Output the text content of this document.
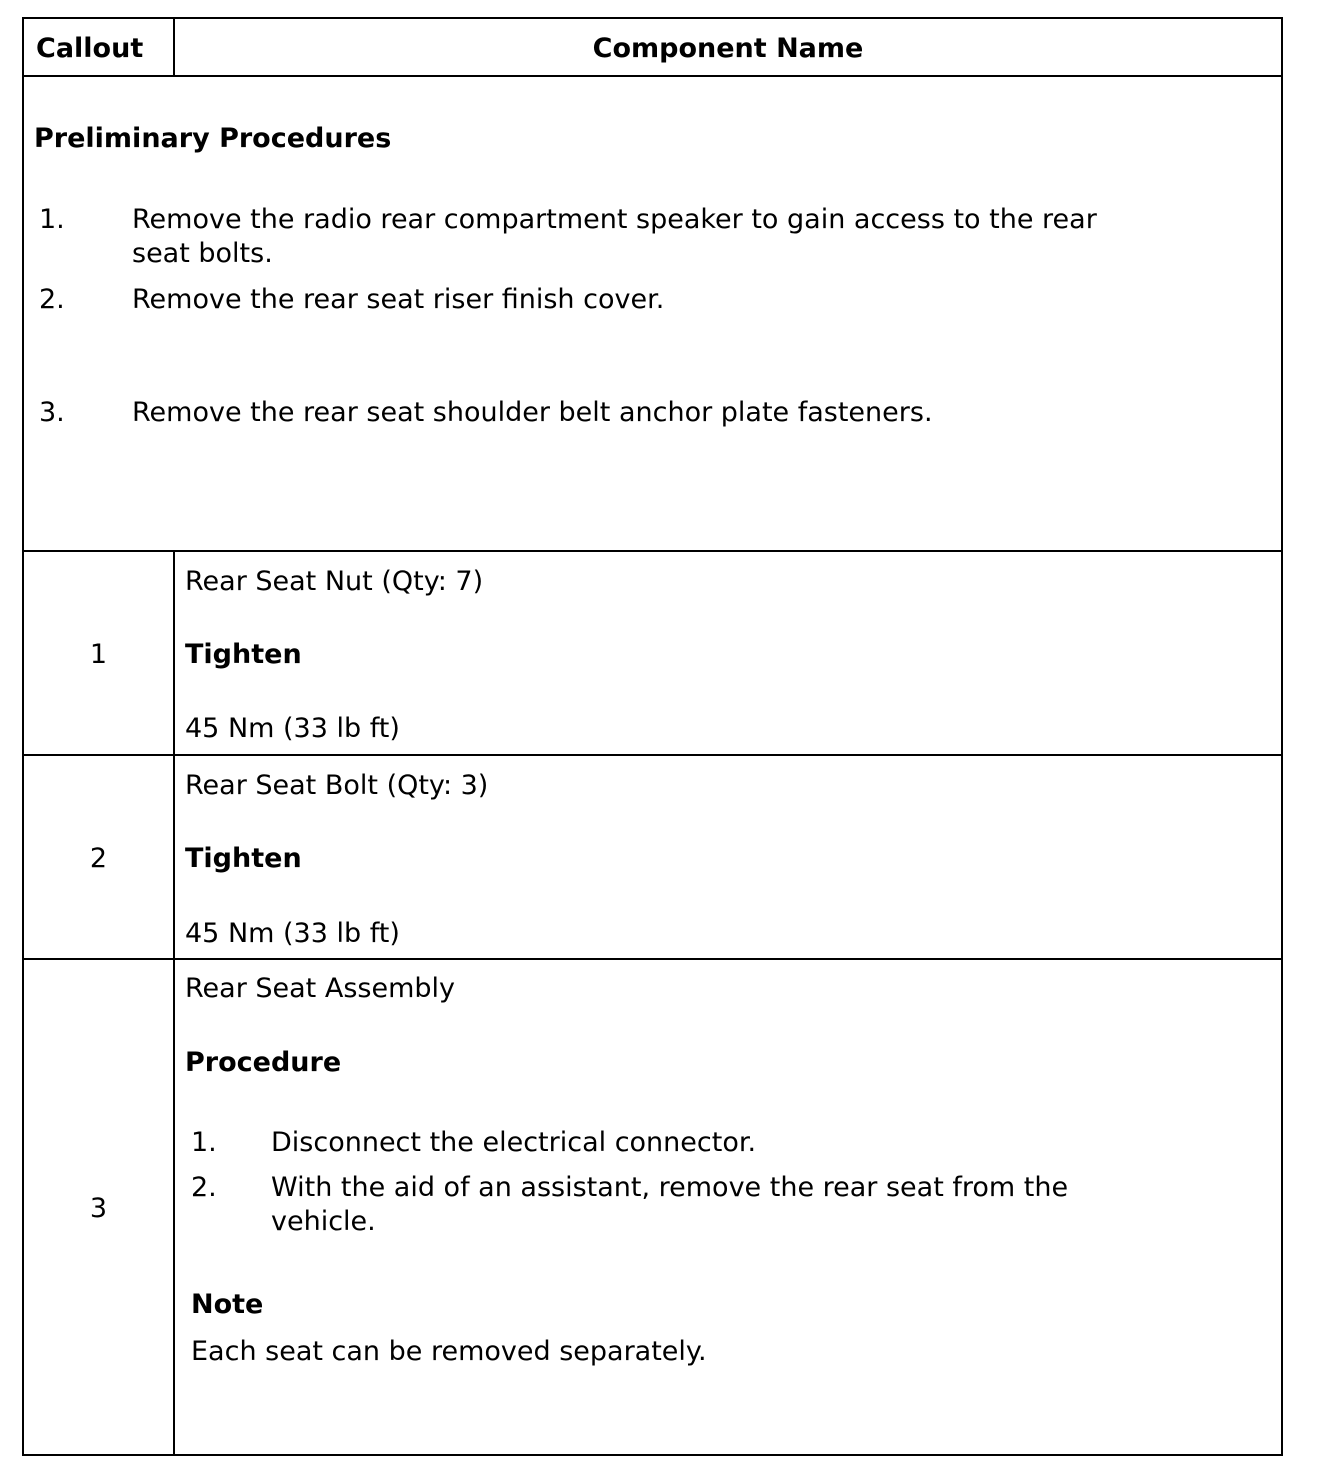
Callout	Component Name
Preliminary Procedures
1. Remove the radio rear compartment speaker to gain access to the rear
seat bolts.
2. Remove the rear seat riser finish cover.
3. Remove the rear seat shoulder belt anchor plate fasteners.
1
Rear Seat Nut (Qty: 7)
Tighten
45 Nm (33 lb ft)
2
Rear Seat Bolt (Qty: 3)
Tighten
45 Nm (33 lb ft)
3
Rear Seat Assembly
Procedure
1. Disconnect the electrical connector.
2. With the aid of an assistant, remove the rear seat from the
vehicle.
Note
Each seat can be removed separately.
